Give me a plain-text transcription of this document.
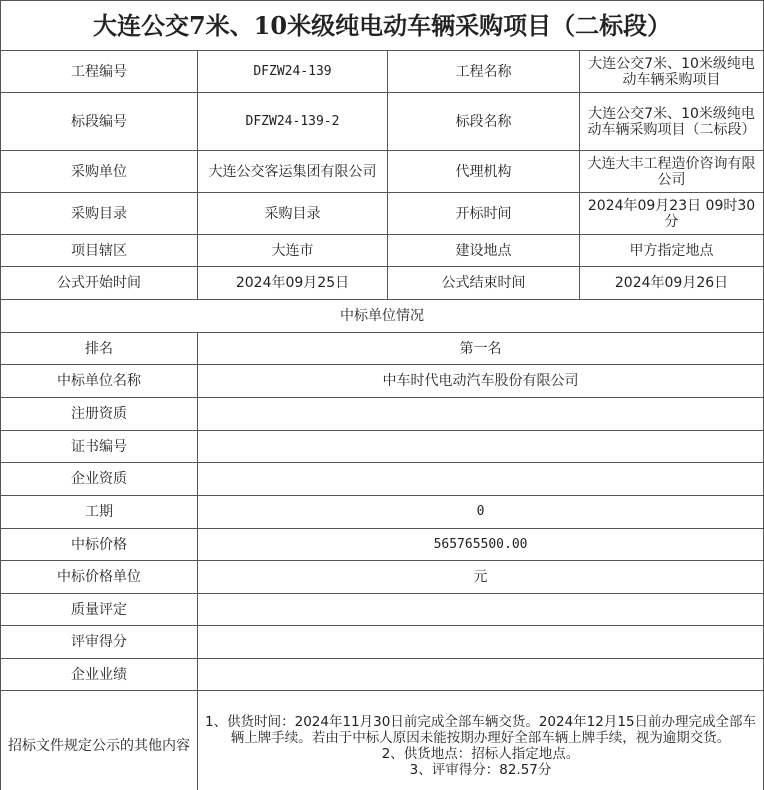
大连公交7米、10米级纯电动车辆采购项目（二标段）			
工程编号	DFZW24-139	工程名称	大连公交7米、10米级纯电动车辆采购项目
标段编号	DFZW24-139-2	标段名称	大连公交7米、10米级纯电动车辆采购项目（二标段）
采购单位	大连公交客运集团有限公司	代理机构	大连大丰工程造价咨询有限公司
采购目录	采购目录	开标时间	2024年09月23日 09时30分
项目辖区	大连市	建设地点	甲方指定地点
公式开始时间	2024年09月25日	公式结束时间	2024年09月26日
中标单位情况			
排名	第一名		
中标单位名称	中车时代电动汽车股份有限公司		
注册资质			
证书编号			
企业资质			
工期	0		
中标价格	565765500.00		
中标价格单位	元		
质量评定			
评审得分			
企业业绩			
招标文件规定公示的其他内容	1、供货时间：2024年11月30日前完成全部车辆交货。2024年12月15日前办理完成全部车辆上牌手续。若由于中标人原因未能按期办理好全部车辆上牌手续，视为逾期交货。
2、供货地点：招标人指定地点。
3、评审得分：82.57分		
